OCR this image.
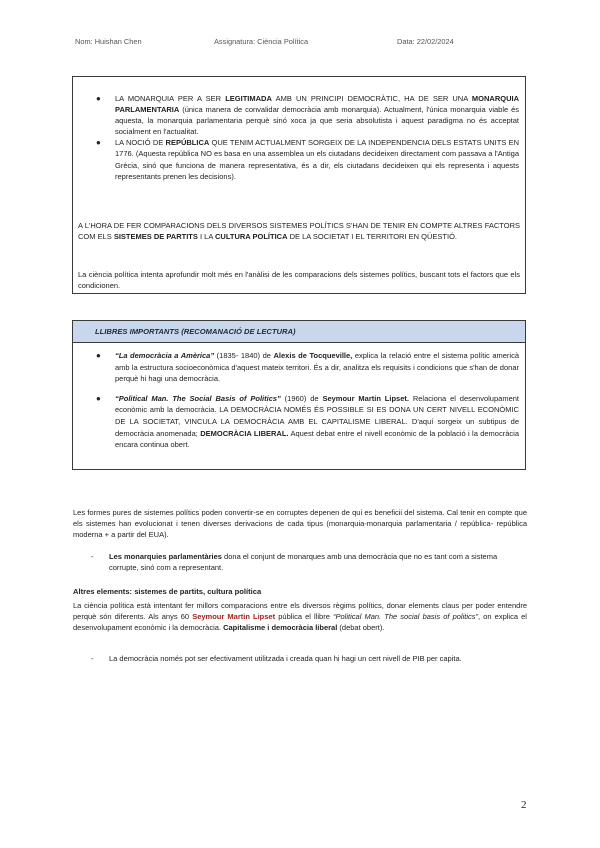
Nom: Huishan Chen	Assignatura: Ciència Política	Data: 22/02/2024
● LA MONARQUIA PER A SER LEGITIMADA AMB UN PRINCIPI DEMOCRÀTIC, HA DE SER UNA MONARQUIA PARLAMENTARIA (única manera de convalidar democràcia amb monarquia). Actualment, l'única monarquia viable és aquesta, la monarquia parlamentaria perquè sinó xoca ja que seria absolutista i aquest paradigma no és acceptat socialment en l'actualitat.
● LA NOCIÓ DE REPÚBLICA QUE TENIM ACTUALMENT SORGEIX DE LA INDEPENDENCIA DELS ESTATS UNITS EN 1776. (Aquesta república NO es basa en una assemblea un els ciutadans decideixen directament com passava a l'Antiga Grècia, sinó que funciona de manera representativa, és a dir, els ciutadans decideixen qui els representa i aquests representants prenen les decisions).
A L'HORA DE FER COMPARACIONS DELS DIVERSOS SISTEMES POLÍTICS S'HAN DE TENIR EN COMPTE ALTRES FACTORS COM ELS SISTEMES DE PARTITS I LA CULTURA POLÍTICA DE LA SOCIETAT I EL TERRITORI EN QÜESTIÓ.
La ciència política intenta aprofundir molt més en l'anàlisi de les comparacions dels sistemes polítics, buscant tots el factors que els condicionen.
LLIBRES IMPORTANTS (RECOMANACIÓ DE LECTURA)
● “La democràcia a Amèrica” (1835- 1840) de Alexis de Tocqueville, explica la relació entre el sistema polític americà amb la estructura socioeconòmica d'aquest mateix territori. És a dir, analitza els requisits i condicions que s'han de donar perquè hi hagi una democràcia.
● “Political Man. The Social Basis of Politics” (1960) de Seymour Martin Lipset. Relaciona el desenvolupament econòmic amb la democràcia. LA DEMOCRÀCIA NOMÉS ÉS POSSIBLE SI ES DONA UN CERT NIVELL ECONÒMIC DE LA SOCIETAT, VINCULA LA DEMOCRÀCIA AMB EL CAPITALISME LIBERAL. D'aquí sorgeix un subtipus de democràcia anomenada; DEMOCRÀCIA LIBERAL. Aquest debat entre el nivell econòmic de la població i la democràcia encara continua obert.
Les formes pures de sistemes polítics poden convertir-se en corruptes depenen de qui es beneficii del sistema. Cal tenir en compte que els sistemes han evolucionat i tenen diverses derivacions de cada tipus (monarquia-monarquia parlamentaria / república- república moderna + a partir del EUA).
- Les monarquies parlamentàries dona el conjunt de monarques amb una democràcia que no es tant com a sistema corrupte, sinó com a representant.
Altres elements: sistemes de partits, cultura política
La ciència política està intentant fer millors comparacions entre els diversos règims polítics, donar elements claus per poder entendre perquè són diferents. Als anys 60 Seymour Martin Lipset pública el llibre “Political Man. The social basis of politics”, on explica el desenvolupament econòmic i la democràcia. Capitalisme i democràcia liberal (debat obert).
- La democràcia només pot ser efectivament utilitzada i creada quan hi hagi un cert nivell de PIB per capita.
2
